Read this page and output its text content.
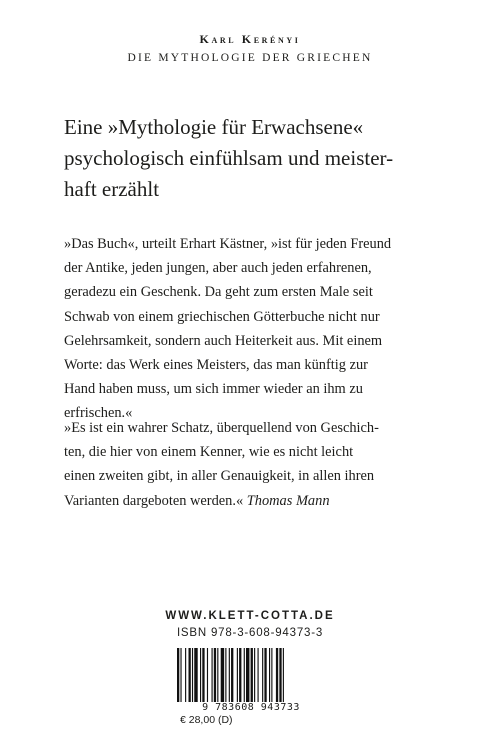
Karl Kerényi
DIE MYTHOLOGIE DER GRIECHEN
Eine »Mythologie für Erwachsene«
psychologisch einfühlsam und meister-
haft erzählt
»Das Buch«, urteilt Erhart Kästner, »ist für jeden Freund
der Antike, jeden jungen, aber auch jeden erfahrenen,
geradezu ein Geschenk. Da geht zum ersten Male seit
Schwab von einem griechischen Götterbuche nicht nur
Gelehrsamkeit, sondern auch Heiterkeit aus. Mit einem
Worte: das Werk eines Meisters, das man künftig zur
Hand haben muss, um sich immer wieder an ihm zu
erfrischen.«
»Es ist ein wahrer Schatz, überquellend von Geschich-
ten, die hier von einem Kenner, wie es nicht leicht
einen zweiten gibt, in aller Genauigkeit, in allen ihren
Varianten dargeboten werden.« Thomas Mann
WWW.KLETT-COTTA.DE
ISBN 978-3-608-94373-3
9 783608 943733
€ 28,00 (D)
